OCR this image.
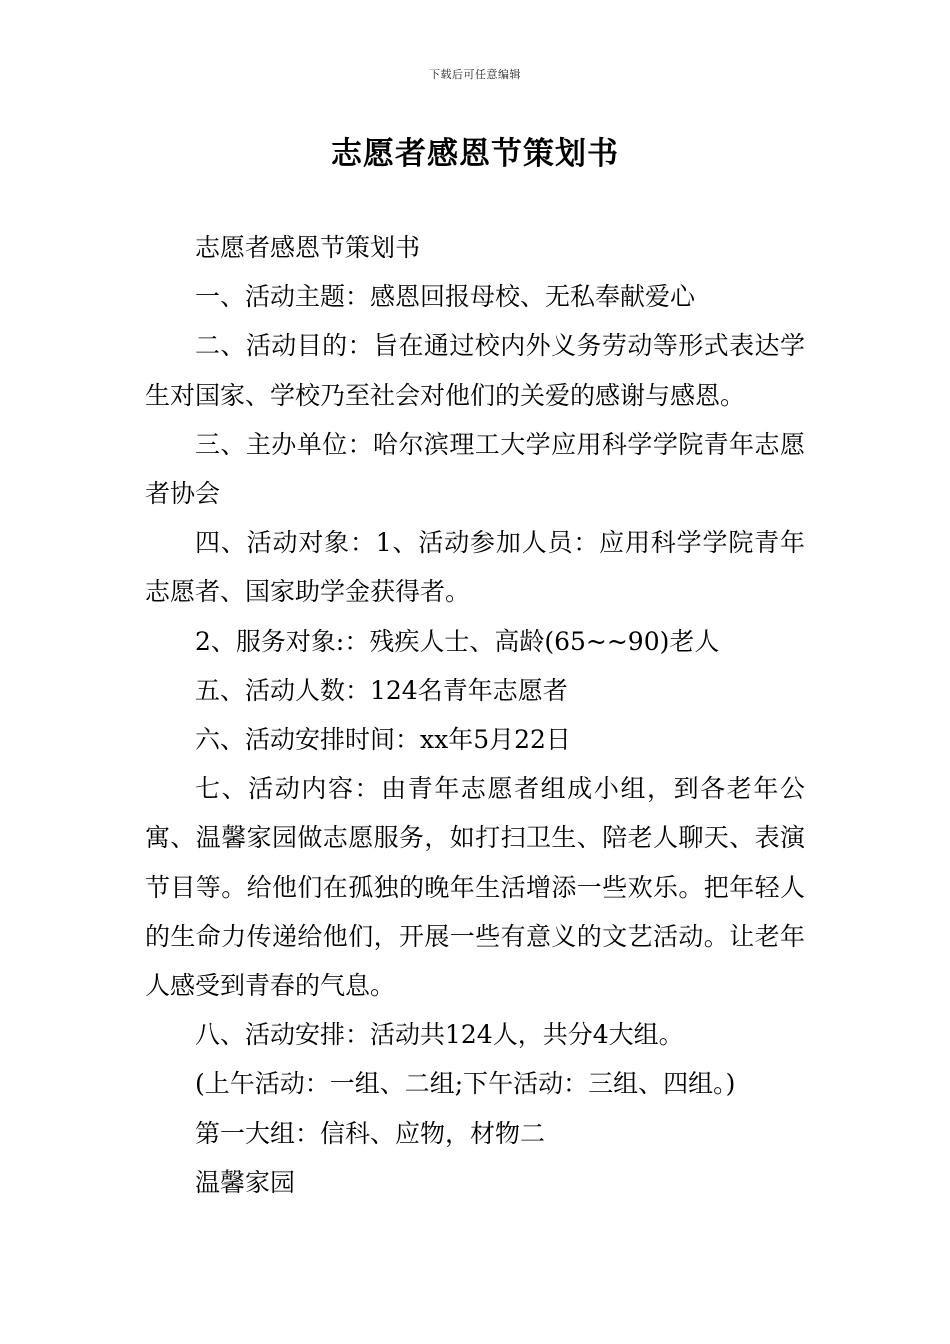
下载后可任意编辑
志愿者感恩节策划书

志愿者感恩节策划书

一、活动主题：感恩回报母校、无私奉献爱心

二、活动目的：旨在通过校内外义务劳动等形式表达学生对国家、学校乃至社会对他们的关爱的感谢与感恩。

三、主办单位：哈尔滨理工大学应用科学学院青年志愿者协会

四、活动对象：1、活动参加人员：应用科学学院青年志愿者、国家助学金获得者。

2、服务对象:：残疾人士、高龄(65~~90)老人

五、活动人数：124名青年志愿者

六、活动安排时间：xx年5月22日

七、活动内容：由青年志愿者组成小组，到各老年公寓、温馨家园做志愿服务，如打扫卫生、陪老人聊天、表演节目等。给他们在孤独的晚年生活增添一些欢乐。把年轻人的生命力传递给他们，开展一些有意义的文艺活动。让老年人感受到青春的气息。

八、活动安排：活动共124人，共分4大组。

(上午活动：一组、二组;下午活动：三组、四组。)

第一大组：信科、应物，材物二

温馨家园
